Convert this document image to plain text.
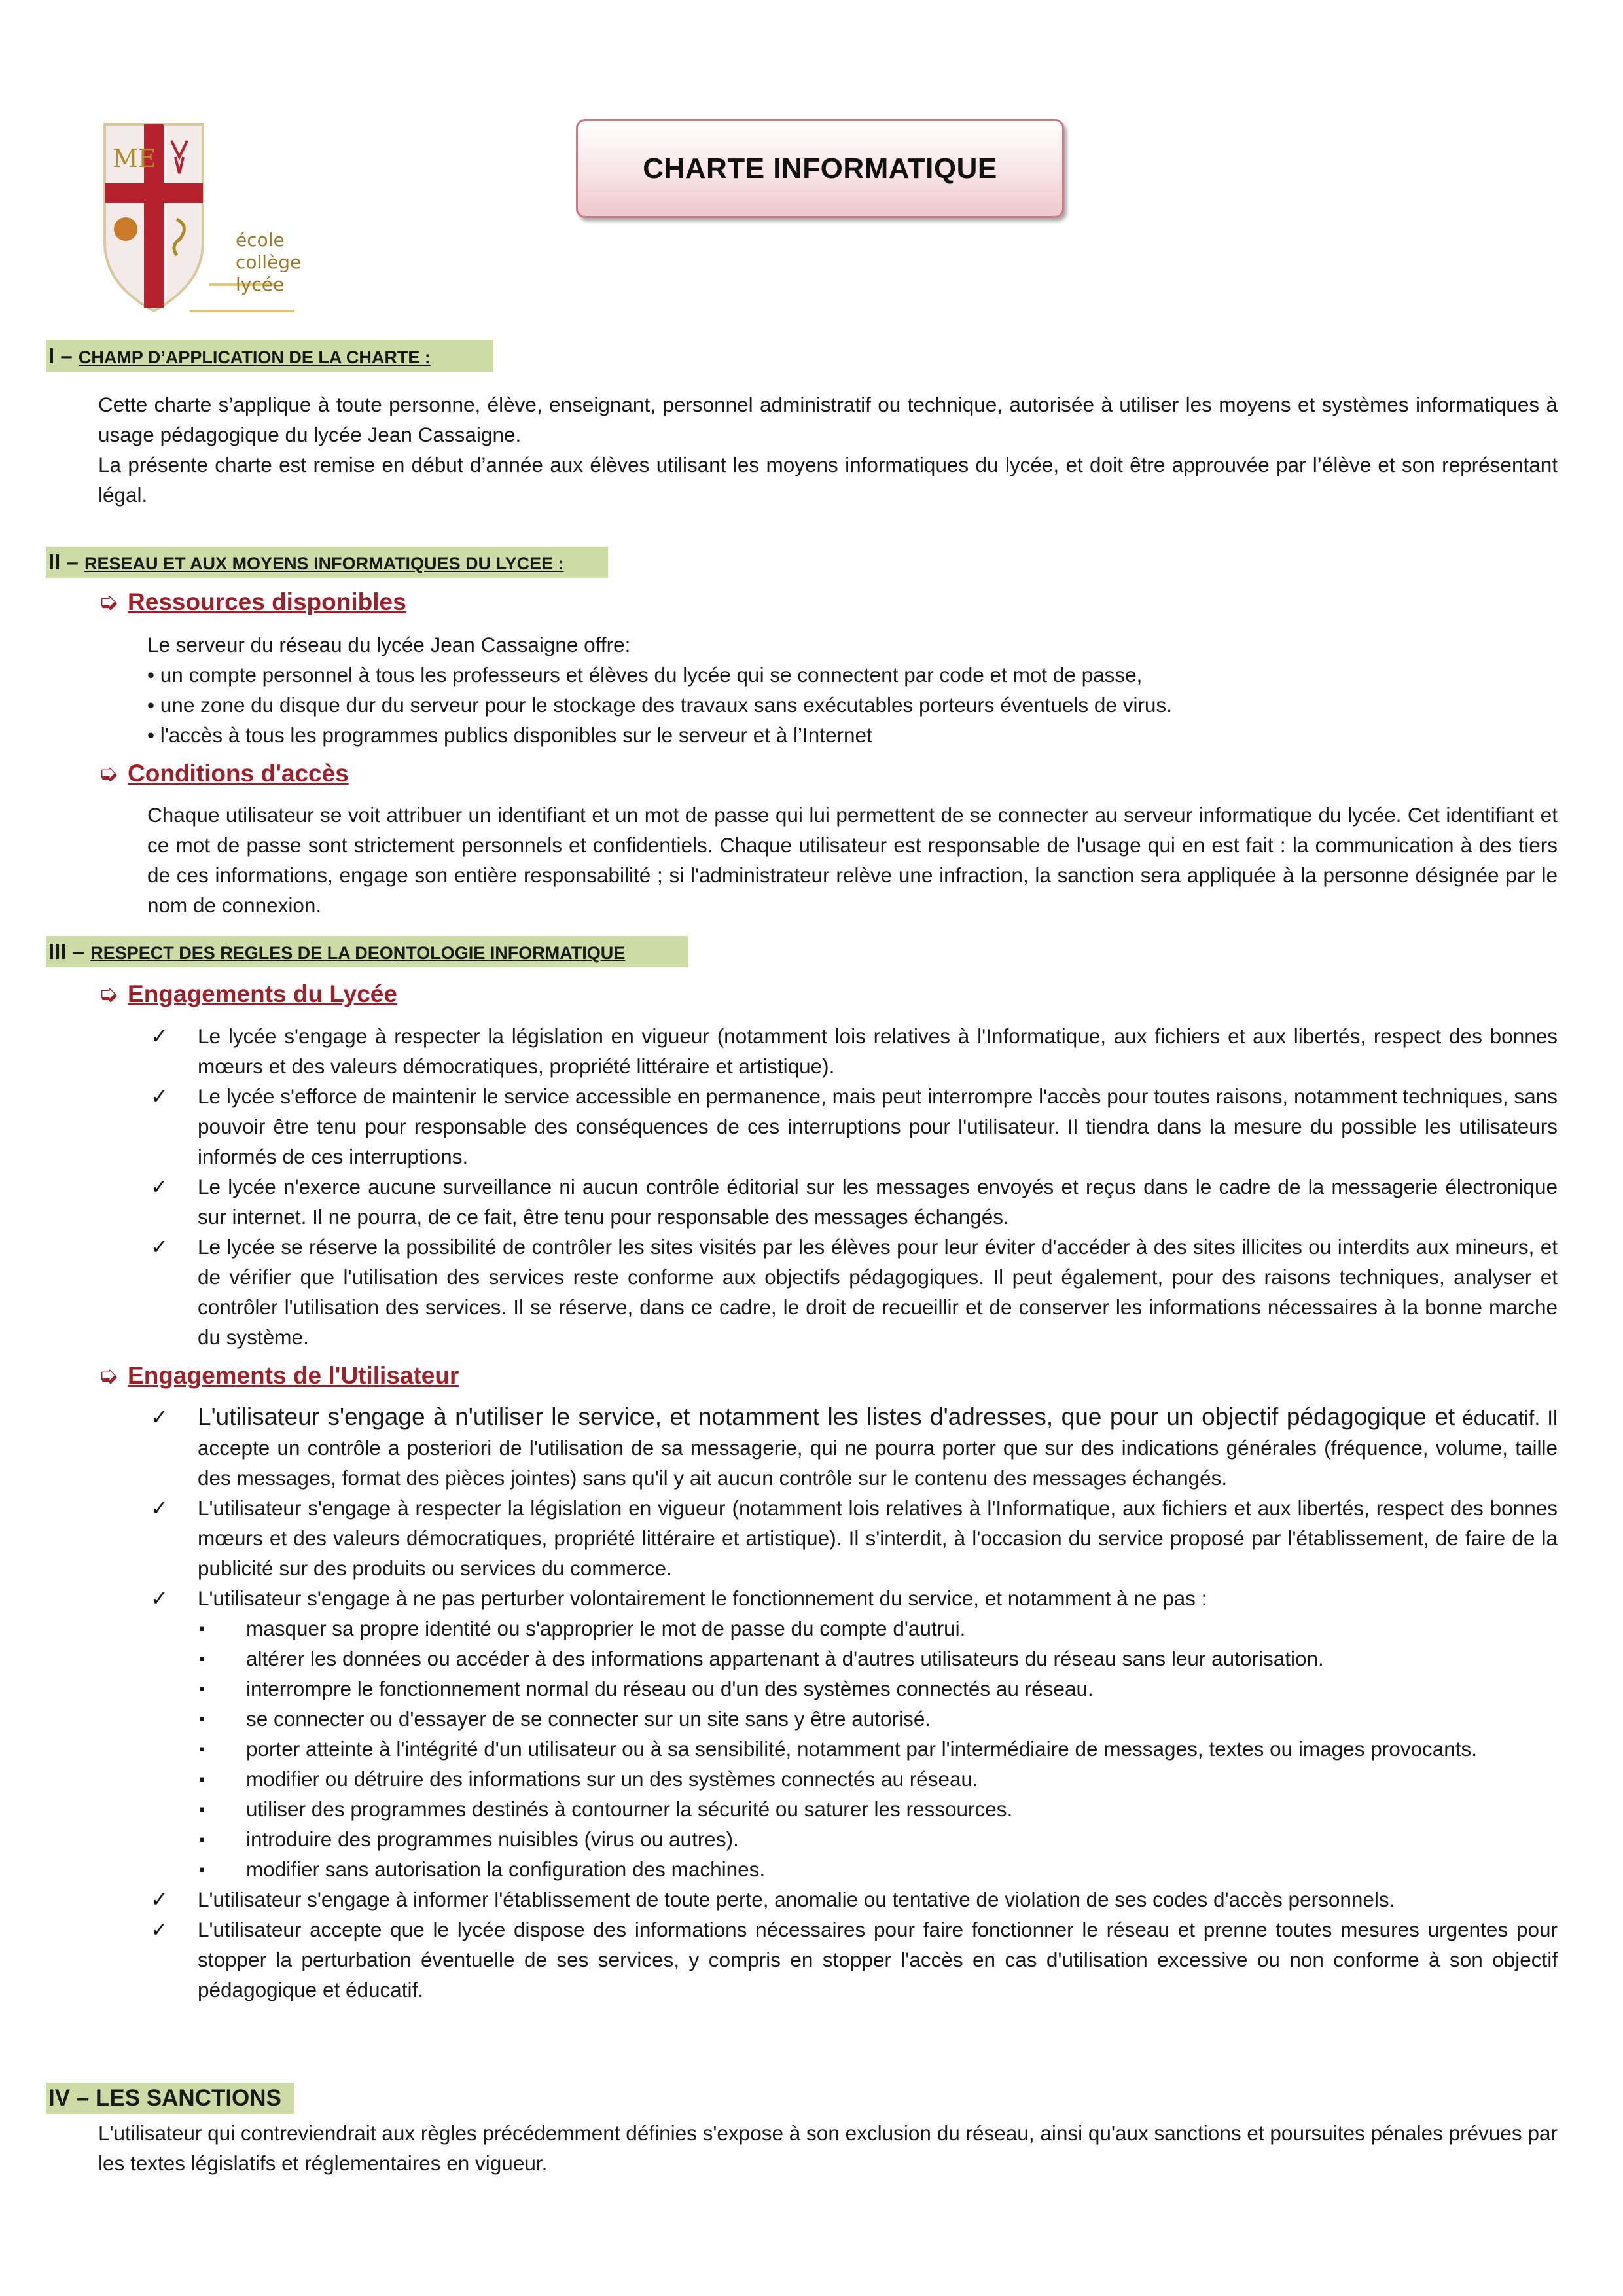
ME
école
collège
lycée
CHARTE INFORMATIQUE
I – CHAMP D’APPLICATION DE LA CHARTE :

Cette charte s’applique à toute personne, élève, enseignant, personnel administratif ou technique, autorisée à utiliser les moyens et systèmes informatiques à usage pédagogique du lycée Jean Cassaigne.

La présente charte est remise en début d’année aux élèves utilisant les moyens informatiques du lycée, et doit être approuvée par l’élève et son représentant légal.

II – RESEAU ET AUX MOYENS INFORMATIQUES DU LYCEE :
➭ Ressources disponibles

Le serveur du réseau du lycée Jean Cassaigne offre:

• un compte personnel à tous les professeurs et élèves du lycée qui se connectent par code et mot de passe,

• une zone du disque dur du serveur pour le stockage des travaux sans exécutables porteurs éventuels de virus.

• l'accès à tous les programmes publics disponibles sur le serveur et à l’Internet

➭ Conditions d'accès

Chaque utilisateur se voit attribuer un identifiant et un mot de passe qui lui permettent de se connecter au serveur informatique du lycée. Cet identifiant et ce mot de passe sont strictement personnels et confidentiels. Chaque utilisateur est responsable de l'usage qui en est fait : la communication à des tiers de ces informations, engage son entière responsabilité ; si l'administrateur relève une infraction, la sanction sera appliquée à la personne désignée par le nom de connexion.

III – RESPECT DES REGLES DE LA DEONTOLOGIE INFORMATIQUE
➭ Engagements du Lycée
✓ Le lycée s'engage à respecter la législation en vigueur (notamment lois relatives à l'Informatique, aux fichiers et aux libertés, respect des bonnes mœurs et des valeurs démocratiques, propriété littéraire et artistique).
✓ Le lycée s'efforce de maintenir le service accessible en permanence, mais peut interrompre l'accès pour toutes raisons, notamment techniques, sans pouvoir être tenu pour responsable des conséquences de ces interruptions pour l'utilisateur. Il tiendra dans la mesure du possible les utilisateurs informés de ces interruptions.
✓ Le lycée n'exerce aucune surveillance ni aucun contrôle éditorial sur les messages envoyés et reçus dans le cadre de la messagerie électronique sur internet. Il ne pourra, de ce fait, être tenu pour responsable des messages échangés.
✓ Le lycée se réserve la possibilité de contrôler les sites visités par les élèves pour leur éviter d'accéder à des sites illicites ou interdits aux mineurs, et de vérifier que l'utilisation des services reste conforme aux objectifs pédagogiques. Il peut également, pour des raisons techniques, analyser et contrôler l'utilisation des services. Il se réserve, dans ce cadre, le droit de recueillir et de conserver les informations nécessaires à la bonne marche du système.
➭ Engagements de l'Utilisateur
✓ L'utilisateur s'engage à n'utiliser le service, et notamment les listes d'adresses, que pour un objectif pédagogique et éducatif. Il accepte un contrôle a posteriori de l'utilisation de sa messagerie, qui ne pourra porter que sur des indications générales (fréquence, volume, taille des messages, format des pièces jointes) sans qu'il y ait aucun contrôle sur le contenu des messages échangés.
✓ L'utilisateur s'engage à respecter la législation en vigueur (notamment lois relatives à l'Informatique, aux fichiers et aux libertés, respect des bonnes mœurs et des valeurs démocratiques, propriété littéraire et artistique). Il s'interdit, à l'occasion du service proposé par l'établissement, de faire de la publicité sur des produits ou services du commerce.
✓ L'utilisateur s'engage à ne pas perturber volontairement le fonctionnement du service, et notamment à ne pas :
▪ masquer sa propre identité ou s'approprier le mot de passe du compte d'autrui.
▪ altérer les données ou accéder à des informations appartenant à d'autres utilisateurs du réseau sans leur autorisation.
▪ interrompre le fonctionnement normal du réseau ou d'un des systèmes connectés au réseau.
▪ se connecter ou d'essayer de se connecter sur un site sans y être autorisé.
▪ porter atteinte à l'intégrité d'un utilisateur ou à sa sensibilité, notamment par l'intermédiaire de messages, textes ou images provocants.
▪ modifier ou détruire des informations sur un des systèmes connectés au réseau.
▪ utiliser des programmes destinés à contourner la sécurité ou saturer les ressources.
▪ introduire des programmes nuisibles (virus ou autres).
▪ modifier sans autorisation la configuration des machines.
✓ L'utilisateur s'engage à informer l'établissement de toute perte, anomalie ou tentative de violation de ses codes d'accès personnels.
✓ L'utilisateur accepte que le lycée dispose des informations nécessaires pour faire fonctionner le réseau et prenne toutes mesures urgentes pour stopper la perturbation éventuelle de ses services, y compris en stopper l'accès en cas d'utilisation excessive ou non conforme à son objectif pédagogique et éducatif.
IV – LES SANCTIONS

L'utilisateur qui contreviendrait aux règles précédemment définies s'expose à son exclusion du réseau, ainsi qu'aux sanctions et poursuites pénales prévues par les textes législatifs et réglementaires en vigueur.
